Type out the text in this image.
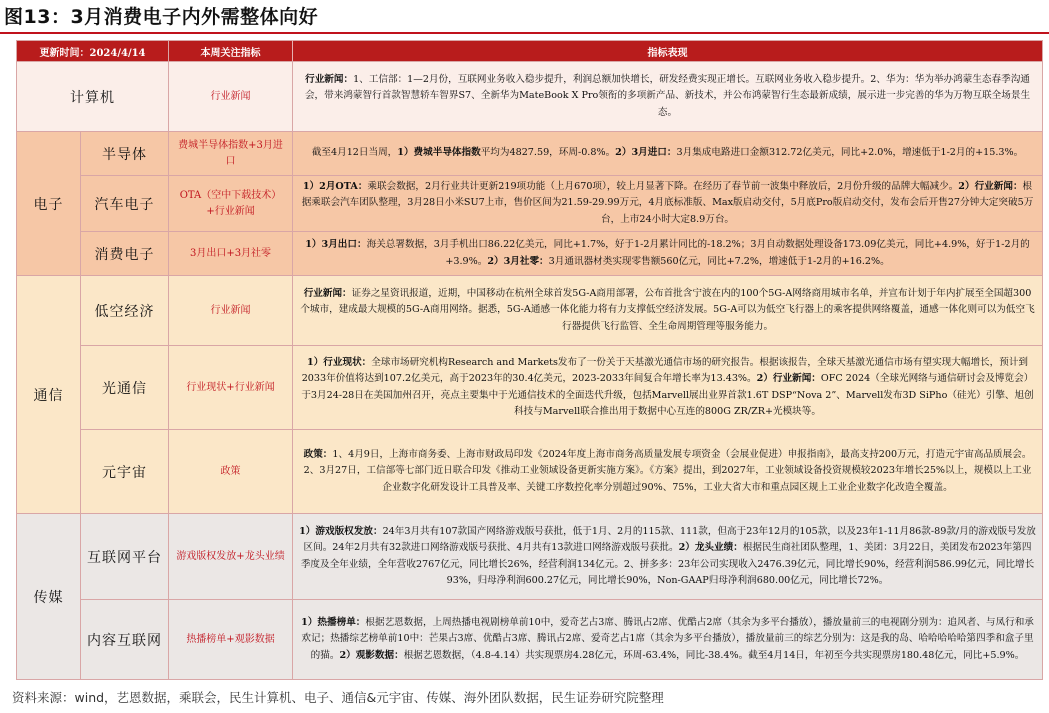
图13：3月消费电子内外需整体向好
更新时间：2024/4/14		本周关注指标	指标表现
计算机		行业新闻	行业新闻：1、工信部：1—2月份，互联网业务收入稳步提升，利润总额加快增长，研发经费实现正增长。互联网业务收入稳步提升。2、华为：华为举办鸿蒙生态春季沟通会，带来鸿蒙智行首款智慧轿车智界S7、全新华为MateBook X Pro领衔的多项新产品、新技术，并公布鸿蒙智行生态最新成绩，展示进一步完善的华为万物互联全场景生态。
电子	半导体	费城半导体指数+3月进口	截至4月12日当周，1）费城半导体指数平均为4827.59，环周-0.8%。2）3月进口：3月集成电路进口金额312.72亿美元，同比+2.0%，增速低于1-2月的+15.3%。
	汽车电子	OTA（空中下载技术）+行业新闻	1）2月OTA：乘联会数据，2月行业共计更新219项功能（上月670项），较上月显著下降。在经历了春节前一波集中释放后，2月份升级的品牌大幅减少。2）行业新闻：根据乘联会汽车团队整理，3月28日小米SU7上市，售价区间为21.59-29.99万元，4月底标准版、Max版启动交付，5月底Pro版启动交付，发布会后开售27分钟大定突破5万台，上市24小时大定8.9万台。
	消费电子	3月出口+3月社零	1）3月出口：海关总署数据，3月手机出口86.22亿美元，同比+1.7%，好于1-2月累计同比的-18.2%；3月自动数据处理设备173.09亿美元，同比+4.9%，好于1-2月的+3.9%。2）3月社零：3月通讯器材类实现零售额560亿元，同比+7.2%，增速低于1-2月的+16.2%。
通信	低空经济	行业新闻	行业新闻：证券之星资讯报道，近期，中国移动在杭州全球首发5G-A商用部署，公布首批含宁波在内的100个5G-A网络商用城市名单，并宣布计划于年内扩展至全国超300个城市，建成最大规模的5G-A商用网络。据悉，5G-A通感一体化能力将有力支撑低空经济发展。5G-A可以为低空飞行器上的乘客提供网络覆盖，通感一体化则可以为低空飞行器提供飞行监管、全生命周期管理等服务能力。
	光通信	行业现状+行业新闻	1）行业现状：全球市场研究机构Research and Markets发布了一份关于天基激光通信市场的研究报告。根据该报告，全球天基激光通信市场有望实现大幅增长，预计到2033年价值将达到107.2亿美元，高于2023年的30.4亿美元，2023-2033年间复合年增长率为13.43%。2）行业新闻：OFC 2024（全球光网络与通信研讨会及博览会）于3月24-28日在美国加州召开，亮点主要集中于光通信技术的全面迭代升级，包括Marvell展出业界首款1.6T DSP“Nova 2”、Marvell发布3D SiPho（硅光）引擎、旭创科技与Marvell联合推出用于数据中心互连的800G ZR/ZR+光模块等。
	元宇宙	政策	政策：1、4月9日，上海市商务委、上海市财政局印发《2024年度上海市商务高质量发展专项资金（会展业促进）申报指南》，最高支持200万元，打造元宇宙高品质展会。2、3月27日，工信部等七部门近日联合印发《推动工业领域设备更新实施方案》。《方案》提出，到2027年，工业领域设备投资规模较2023年增长25%以上，规模以上工业企业数字化研发设计工具普及率、关键工序数控化率分别超过90%、75%，工业大省大市和重点园区规上工业企业数字化改造全覆盖。
传媒	互联网平台	游戏版权发放+龙头业绩	1）游戏版权发放：24年3月共有107款国产网络游戏版号获批，低于1月、2月的115款、111款，但高于23年12月的105款，以及23年1-11月86款-89款/月的游戏版号发放区间。24年2月共有32款进口网络游戏版号获批、4月共有13款进口网络游戏版号获批。2）龙头业绩：根据民生商社团队整理，1、美团：3月22日，美团发布2023年第四季度及全年业绩，全年营收2767亿元，同比增长26%，经营利润134亿元。2、拼多多：23年公司实现收入2476.39亿元，同比增长90%，经营利润586.99亿元，同比增长93%，归母净利润600.27亿元，同比增长90%，Non-GAAP归母净利润680.00亿元，同比增长72%。
	内容互联网	热播榜单+观影数据	1）热播榜单：根据艺恩数据，上周热播电视剧榜单前10中，爱奇艺占3席、腾讯占2席、优酷占2席（其余为多平台播放），播放量前三的电视剧分别为：追风者、与凤行和承欢记；热播综艺榜单前10中：芒果占3席、优酷占3席、腾讯占2席、爱奇艺占1席（其余为多平台播放），播放量前三的综艺分别为：这是我的岛、哈哈哈哈哈第四季和盒子里的猫。2）观影数据：根据艺恩数据，（4.8-4.14）共实现票房4.28亿元，环周-63.4%，同比-38.4%。截至4月14日，年初至今共实现票房180.48亿元，同比+5.9%。
资料来源：wind，艺恩数据，乘联会，民生计算机、电子、通信&元宇宙、传媒、海外团队数据，民生证券研究院整理
